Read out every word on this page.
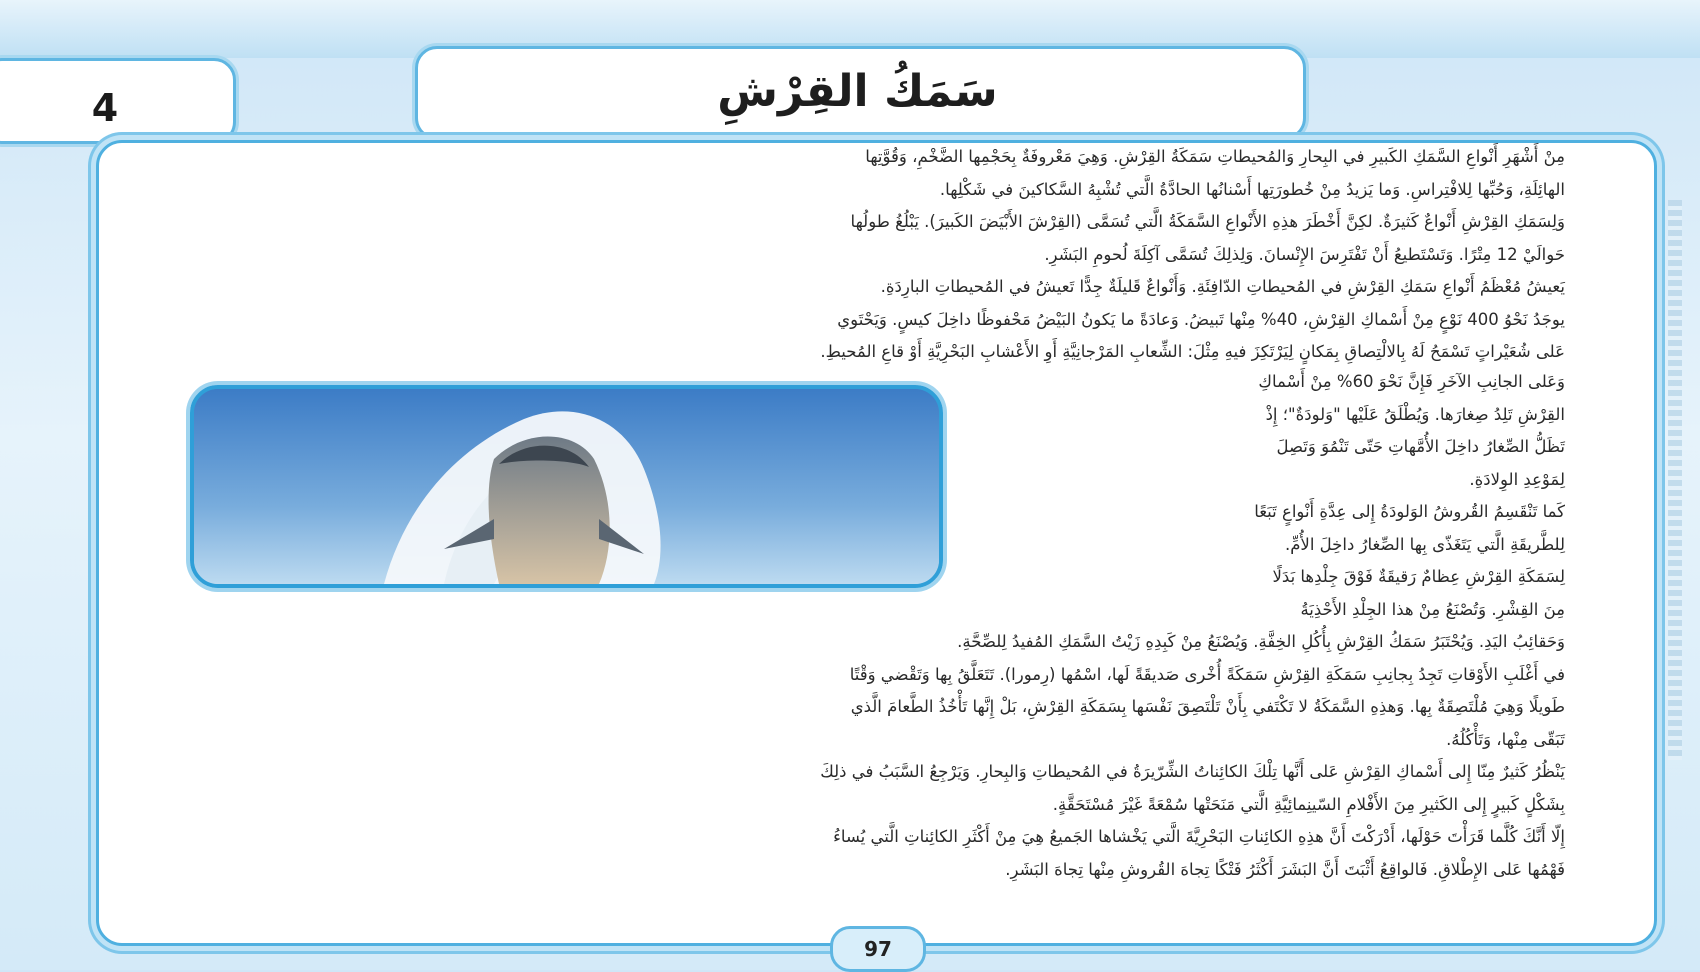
4	سَمَكُ القِرْشِ

مِنْ أَشْهَرِ أَنْواعِ السَّمَكِ الكَبيرِ في البِحارِ وَالمُحيطاتِ سَمَكَةُ القِرْشِ. وَهِيَ مَعْروفَةٌ بِحَجْمِها الضَّخْمِ، وَقُوَّتِها

الهائِلَةِ، وَحُبِّها لِلافْتِراسِ. وَما يَزيدُ مِنْ خُطورَتِها أَسْنانُها الحادَّةُ الَّتي تُشْبِهُ السَّكاكينَ في شَكْلِها.

وَلِسَمَكِ القِرْشِ أَنْواعٌ كَثيرَةٌ. لكِنَّ أَخْطَرَ هذِهِ الأَنْواعِ السَّمَكَةُ الَّتي تُسَمَّى (القِرْشَ الأَبْيَضَ الكَبيرَ). يَبْلُغُ طولُها

حَوالَيْ 12 مِتْرًا. وَتَسْتَطيعُ أَنْ تَفْتَرِسَ الإِنْسانَ. وَلِذلِكَ تُسَمَّى آكِلَةَ لُحومِ البَشَرِ.

يَعيشُ مُعْظَمُ أَنْواعِ سَمَكِ القِرْشِ في المُحيطاتِ الدّافِئَةِ. وَأَنْواعٌ قَليلَةٌ جِدًّا تَعيشُ في المُحيطاتِ البارِدَةِ.

يوجَدُ نَحْوُ 400 نَوْعٍ مِنْ أَسْماكِ القِرْشِ، 40% مِنْها تَبيضُ. وَعادَةً ما يَكونُ البَيْضُ مَحْفوظًا داخِلَ كيسٍ. وَيَحْتَوي

عَلى شُعَيْراتٍ تَسْمَحُ لَهُ بِالالْتِصاقِ بِمَكانٍ لِيَرْتَكِزَ فيهِ مِثْلَ: الشِّعابِ المَرْجانِيَّةِ أَوِ الأَعْشابِ البَحْرِيَّةِ أَوْ قاعِ المُحيطِ.

وَعَلى الجانِبِ الآخَرِ فَإِنَّ نَحْوَ 60% مِنْ أَسْماكِ

القِرْشِ تَلِدُ صِغارَها. وَيُطْلَقُ عَلَيْها "وَلودَةٌ"؛ إِذْ

تَظَلُّ الصِّغارُ داخِلَ الأُمَّهاتِ حَتّى تَنْمُوَ وَتَصِلَ

لِمَوْعِدِ الوِلادَةِ.

كَما تَنْقَسِمُ القُروشُ الوَلودَةُ إِلى عِدَّةِ أَنْواعٍ تَبَعًا

لِلطَّريقَةِ الَّتي يَتَغَذّى بِها الصِّغارُ داخِلَ الأُمِّ.

لِسَمَكَةِ القِرْشِ عِظامٌ رَقيقَةٌ فَوْقَ جِلْدِها بَدَلًا

مِنَ القِشْرِ. وَتُصْنَعُ مِنْ هذا الجِلْدِ الأَحْذِيَةُ

وَحَقائِبُ اليَدِ. وَيُحْتَبَرُ سَمَكُ القِرْشِ بِأُكُلِ الخِفَّةِ. وَيُصْنَعُ مِنْ كَبِدِهِ زَيْتُ السَّمَكِ المُفيدُ لِلصِّحَّةِ.

في أَغْلَبِ الأَوْقاتِ تَجِدُ بِجانِبِ سَمَكَةِ القِرْشِ سَمَكَةً أُخْرى صَديقَةً لَها، اسْمُها (رِمورا). تَتَعَلَّقُ بِها وَتَقْضي وَقْتًا

طَويلًا وَهِيَ مُلْتَصِقَةٌ بِها. وَهذِهِ السَّمَكَةُ لا تَكْتَفي بِأَنْ تَلْتَصِقَ نَفْسَها بِسَمَكَةِ القِرْشِ، بَلْ إِنَّها تَأْخُذُ الطَّعامَ الَّذي

تَبَقّى مِنْها، وَتَأْكُلُهُ.

يَنْظُرُ كَثيرٌ مِنّا إِلى أَسْماكِ القِرْشِ عَلى أَنَّها تِلْكَ الكائِناتُ الشِّرّيرَةُ في المُحيطاتِ وَالبِحارِ. وَيَرْجِعُ السَّبَبُ في ذلِكَ

بِشَكْلٍ كَبيرٍ إِلى الكَثيرِ مِنَ الأَفْلامِ السّينِمائِيَّةِ الَّتي مَنَحَتْها سُمْعَةً غَيْرَ مُسْتَحَقَّةٍ.

إِلّا أَنَّكَ كُلَّما قَرَأْتَ حَوْلَها، أَدْرَكْتَ أَنَّ هذِهِ الكائِناتِ البَحْرِيَّةَ الَّتي يَخْشاها الجَميعُ هِيَ مِنْ أَكْثَرِ الكائِناتِ الَّتي يُساءُ

فَهْمُها عَلى الإِطْلاقِ. فَالواقِعُ أَثْبَتَ أَنَّ البَشَرَ أَكْثَرُ فَتْكًا تِجاهَ القُروشِ مِنْها تِجاهَ البَشَرِ.

97
